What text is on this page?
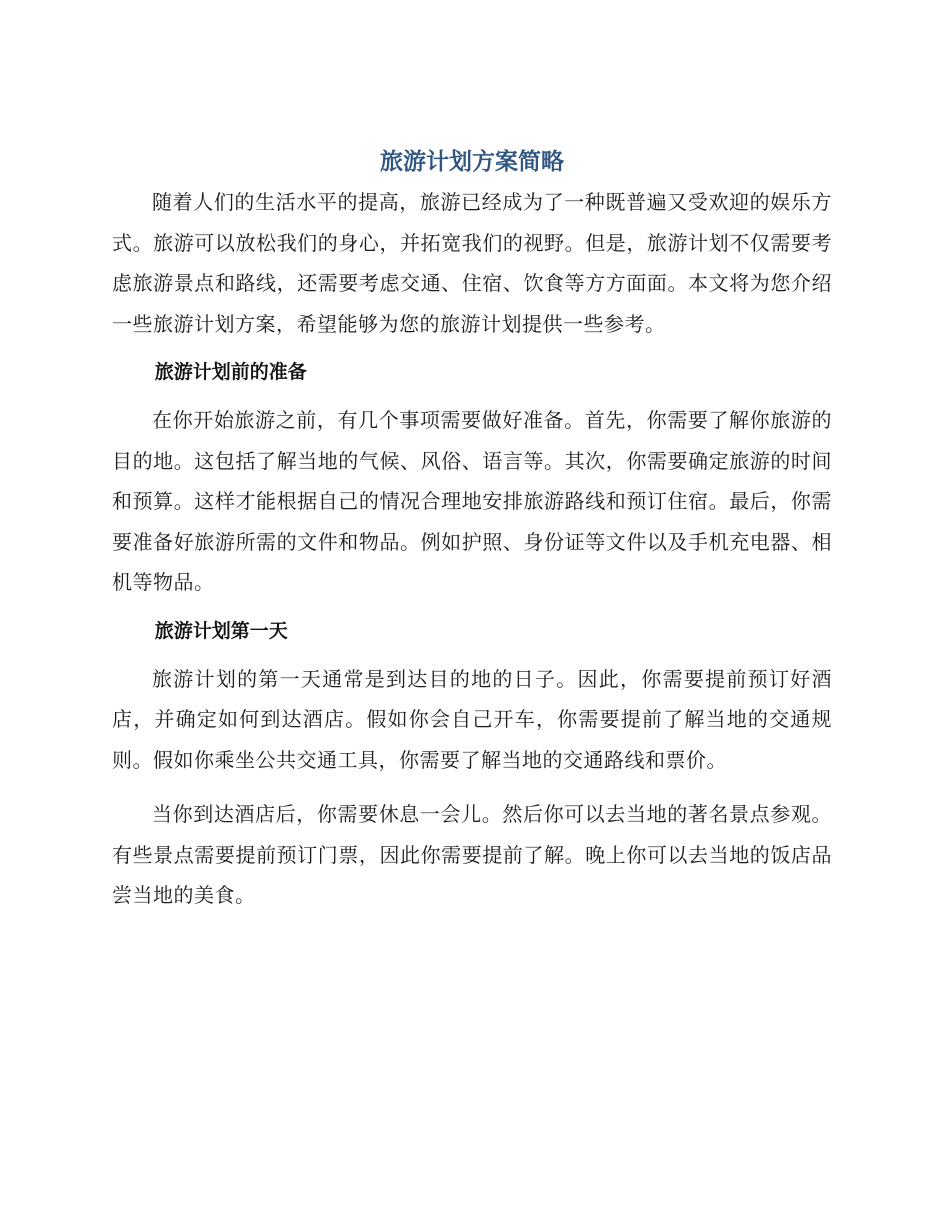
旅游计划方案简略

随着人们的生活水平的提高，旅游已经成为了一种既普遍又受欢迎的娱乐方式。旅游可以放松我们的身心，并拓宽我们的视野。但是，旅游计划不仅需要考虑旅游景点和路线，还需要考虑交通、住宿、饮食等方方面面。本文将为您介绍一些旅游计划方案，希望能够为您的旅游计划提供一些参考。

旅游计划前的准备

在你开始旅游之前，有几个事项需要做好准备。首先，你需要了解你旅游的目的地。这包括了解当地的气候、风俗、语言等。其次，你需要确定旅游的时间和预算。这样才能根据自己的情况合理地安排旅游路线和预订住宿。最后，你需要准备好旅游所需的文件和物品。例如护照、身份证等文件以及手机充电器、相机等物品。

旅游计划第一天

旅游计划的第一天通常是到达目的地的日子。因此，你需要提前预订好酒店，并确定如何到达酒店。假如你会自己开车，你需要提前了解当地的交通规则。假如你乘坐公共交通工具，你需要了解当地的交通路线和票价。

当你到达酒店后，你需要休息一会儿。然后你可以去当地的著名景点参观。有些景点需要提前预订门票，因此你需要提前了解。晚上你可以去当地的饭店品尝当地的美食。
